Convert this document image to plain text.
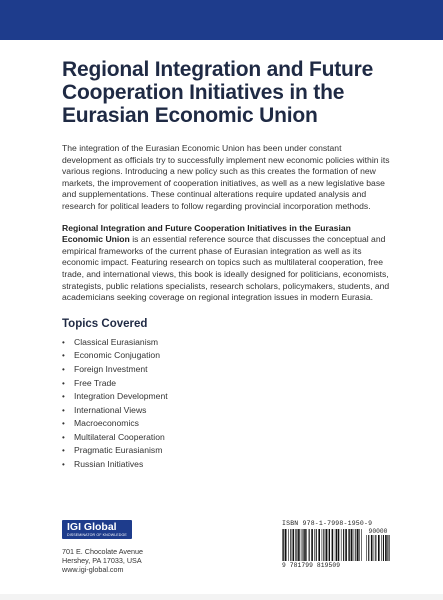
Regional Integration and Future Cooperation Initiatives in the Eurasian Economic Union

The integration of the Eurasian Economic Union has been under constant development as officials try to successfully implement new economic policies within its various regions. Introducing a new policy such as this creates the formation of new markets, the improvement of cooperation initiatives, as well as a new legislative base and supplementations. These continual alterations require updated analysis and research for political leaders to follow regarding provincial incorporation methods.

Regional Integration and Future Cooperation Initiatives in the Eurasian Economic Union is an essential reference source that discusses the conceptual and empirical frameworks of the current phase of Eurasian integration as well as its economic impact. Featuring research on topics such as multilateral cooperation, free trade, and international views, this book is ideally designed for politicians, economists, strategists, public relations specialists, research scholars, policymakers, students, and academicians seeking coverage on regional integration issues in modern Eurasia.

Topics Covered
• Classical Eurasianism
• Economic Conjugation
• Foreign Investment
• Free Trade
• Integration Development
• International Views
• Macroeconomics
• Multilateral Cooperation
• Pragmatic Eurasianism
• Russian Initiatives
IGI Global
DISSEMINATOR OF KNOWLEDGE
701 E. Chocolate Avenue
Hershey, PA 17033, USA
www.igi-global.com
ISBN 978-1-7998-1950-9
90000
9 781799 819509
